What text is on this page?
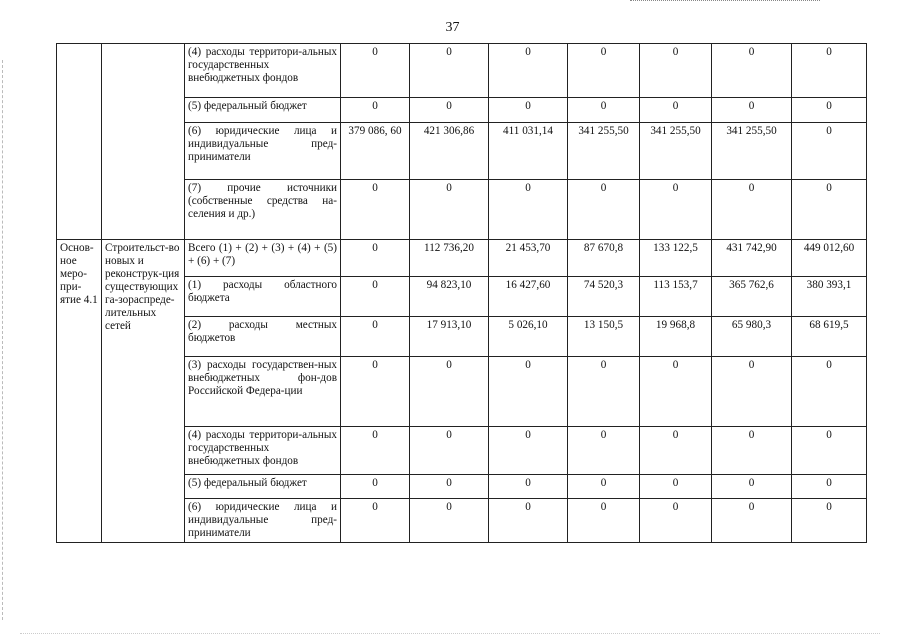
37
		(4) расходы территори-альных государственных внебюджетных фондов	0	0	0	0	0	0	0
		(5) федеральный бюджет	0	0	0	0	0	0	0
		(6) юридические лица и индивидуальные пред-приниматели	379 086, 60	421 306,86	411 031,14	341 255,50	341 255,50	341 255,50	0
		(7) прочие источники (собственные средства на-селения и др.)	0	0	0	0	0	0	0
Основ-ное меро-при-ятие 4.1	Строительст-во новых и реконструк-ция существующих га-зораспреде-лительных сетей	Всего (1) + (2) + (3) + (4) + (5) + (6) + (7)	0	112 736,20	21 453,70	87 670,8	133 122,5	431 742,90	449 012,60
		(1) расходы областного бюджета	0	94 823,10	16 427,60	74 520,3	113 153,7	365 762,6	380 393,1
		(2) расходы местных бюджетов	0	17 913,10	5 026,10	13 150,5	19 968,8	65 980,3	68 619,5
		(3) расходы государствен-ных внебюджетных фон-дов Российской Федера-ции	0	0	0	0	0	0	0
		(4) расходы территори-альных государственных внебюджетных фондов	0	0	0	0	0	0	0
		(5) федеральный бюджет	0	0	0	0	0	0	0
		(6) юридические лица и индивидуальные пред-приниматели	0	0	0	0	0	0	0
